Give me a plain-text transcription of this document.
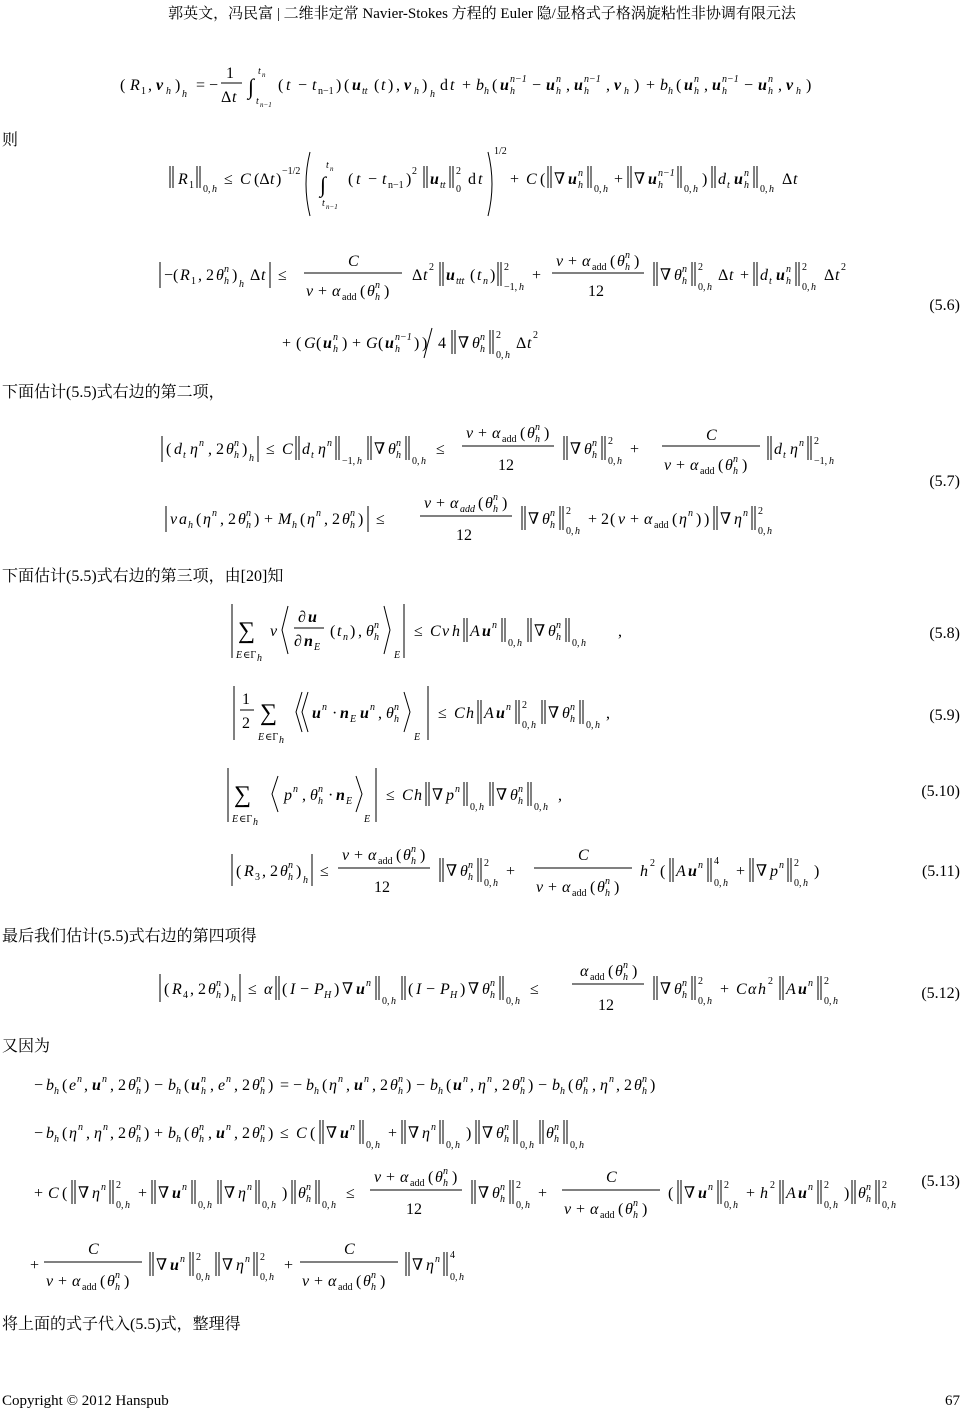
郭英文，冯民富 | 二维非定常 Navier-Stokes 方程的 Euler 隐/显格式子格涡旋粘性非协调有限元法
( R 1 , v h )
h
= −
1
Δ t ∫
t n
t n−1
( t − t n−1 ) ( u tt ( t ) , v h )
h
d t + b h ( u h
n−1 − u h
n , u h
n−1 , v h ) + b h ( u h
n , u h
n−1 − u h
n , v h )
则
R 1 0, h
≤ C (Δ t ) −1/2
∫
t n
t n−1
( t − t n−1 ) 2 u tt
2
0
d t
1/2
+ C ( ∇ u h
n
0, h
+ ∇ u h
n−1
0, h
) d t u h
n
0, h
Δ t
−( R 1 , 2 θ h
n )
h
Δ t ≤
C
ν + α add ( θ h
n )
Δ t 2 u ttt ( t n ) 2
−1, h
+
ν + α add ( θ h
n )
12
∇ θ h
n 2
0, h
Δ t + d t u h
n 2
0, h
Δ t 2
(5.6)
+ ( G ( u h
n ) + G ( u h
n−1 ) ) 4 ∇ θ h
n 2
0, h
Δ t 2
下面估计(5.5)式右边的第二项，
( d t η n , 2 θ h
n )
h
≤ C d t η n
−1, h
∇ θ h
n
0, h
≤
ν + α add ( θ h
n )
12
∇ θ h
n 2
0, h
+
C
ν + α add ( θ h
n )
d t η n 2
−1, h
(5.7)
ν a h ( η n , 2 θ h
n ) + M h ( η n , 2 θ h
n ) ≤
ν + α add ( θ h
n )
12
∇ θ h
n 2
0, h
+ 2 ( ν + α add ( η n ) ) ∇ η n 2
0, h
下面估计(5.5)式右边的第三项，由[20]知
∑
E ∈Γ h
ν
∂ u
∂ n E
( t n ) , θ h
n
E
≤ C ν h A u n
0, h
∇ θ h
n
0, h
,	(5.8)
1
2 ∑
E ∈Γ h
u n · n E u n , θ h
n
E
≤ C h A u n 2
0, h
∇ θ h
n
0, h
,	(5.9)
∑
E ∈Γ h
p n , θ h
n · n E
E
≤ C h ∇ p n
0, h
∇ θ h
n
0, h
,	(5.10)
( R 3 , 2 θ h
n )
h
≤
ν + α add ( θ h
n )
12
∇ θ h
n 2
0, h
+
C
ν + α add ( θ h
n )
h 2 ( A u n 4
0, h
+ ∇ p n 2
0, h
)	(5.11)
最后我们估计(5.5)式右边的第四项得
( R 4 , 2 θ h
n )
h
≤ α ( I − P H ) ∇ u n
0, h
( I − P H ) ∇ θ h
n
0, h
≤
α add ( θ h
n )
12
∇ θ h
n 2
0, h
+ C α h 2 A u n 2
0, h	(5.12)
又因为
− b h ( e n , u n , 2 θ h
n ) − b h ( u h
n , e n , 2 θ h
n ) = − b h ( η n , u n , 2 θ h
n ) − b h ( u n , η n , 2 θ h
n ) − b h ( θ h
n , η n , 2 θ h
n )
− b h ( η n , η n , 2 θ h
n ) + b h ( θ h
n , u n , 2 θ h
n ) ≤ C ( ∇ u n
0, h
+ ∇ η n
0, h
) ∇ θ h
n
0, h
θ h
n
0, h
+ C ( ∇ η n 2
0, h
+ ∇ u n
0, h
∇ η n
0, h
) θ h
n
0, h
≤
ν + α add ( θ h
n )
12
∇ θ h
n 2
0, h
+
C
ν + α add ( θ h
n )
( ∇ u n 2
0, h
+ h 2 A u n 2
0, h
) θ h
n 2
0, h
(5.13)
+
C
ν + α add ( θ h
n )
∇ u n 2
0, h
∇ η n 2
0, h
+
C
ν + α add ( θ h
n )
∇ η n 4
0, h
将上面的式子代入(5.5)式，整理得
Copyright © 2012 Hanspub	67
